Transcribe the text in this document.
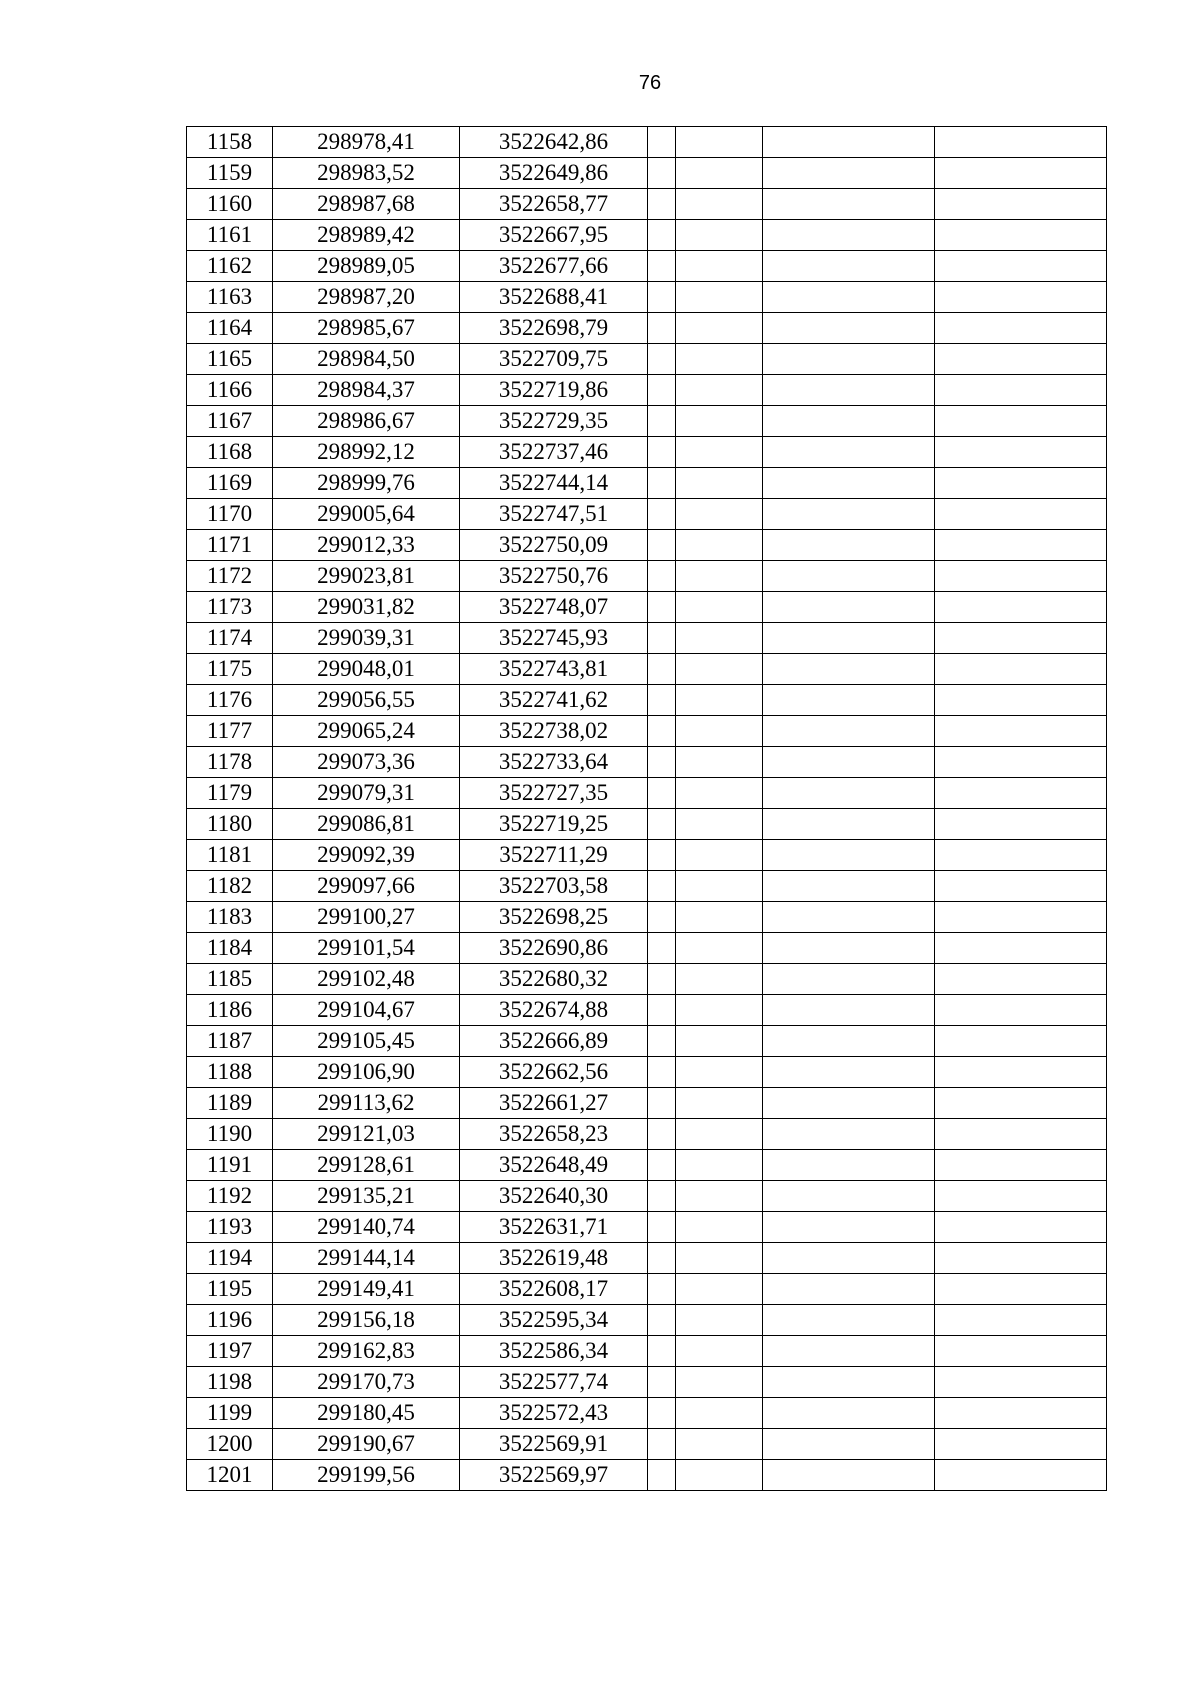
76
1158	298978,41	3522642,86				
1159	298983,52	3522649,86				
1160	298987,68	3522658,77				
1161	298989,42	3522667,95				
1162	298989,05	3522677,66				
1163	298987,20	3522688,41				
1164	298985,67	3522698,79				
1165	298984,50	3522709,75				
1166	298984,37	3522719,86				
1167	298986,67	3522729,35				
1168	298992,12	3522737,46				
1169	298999,76	3522744,14				
1170	299005,64	3522747,51				
1171	299012,33	3522750,09				
1172	299023,81	3522750,76				
1173	299031,82	3522748,07				
1174	299039,31	3522745,93				
1175	299048,01	3522743,81				
1176	299056,55	3522741,62				
1177	299065,24	3522738,02				
1178	299073,36	3522733,64				
1179	299079,31	3522727,35				
1180	299086,81	3522719,25				
1181	299092,39	3522711,29				
1182	299097,66	3522703,58				
1183	299100,27	3522698,25				
1184	299101,54	3522690,86				
1185	299102,48	3522680,32				
1186	299104,67	3522674,88				
1187	299105,45	3522666,89				
1188	299106,90	3522662,56				
1189	299113,62	3522661,27				
1190	299121,03	3522658,23				
1191	299128,61	3522648,49				
1192	299135,21	3522640,30				
1193	299140,74	3522631,71				
1194	299144,14	3522619,48				
1195	299149,41	3522608,17				
1196	299156,18	3522595,34				
1197	299162,83	3522586,34				
1198	299170,73	3522577,74				
1199	299180,45	3522572,43				
1200	299190,67	3522569,91				
1201	299199,56	3522569,97				
